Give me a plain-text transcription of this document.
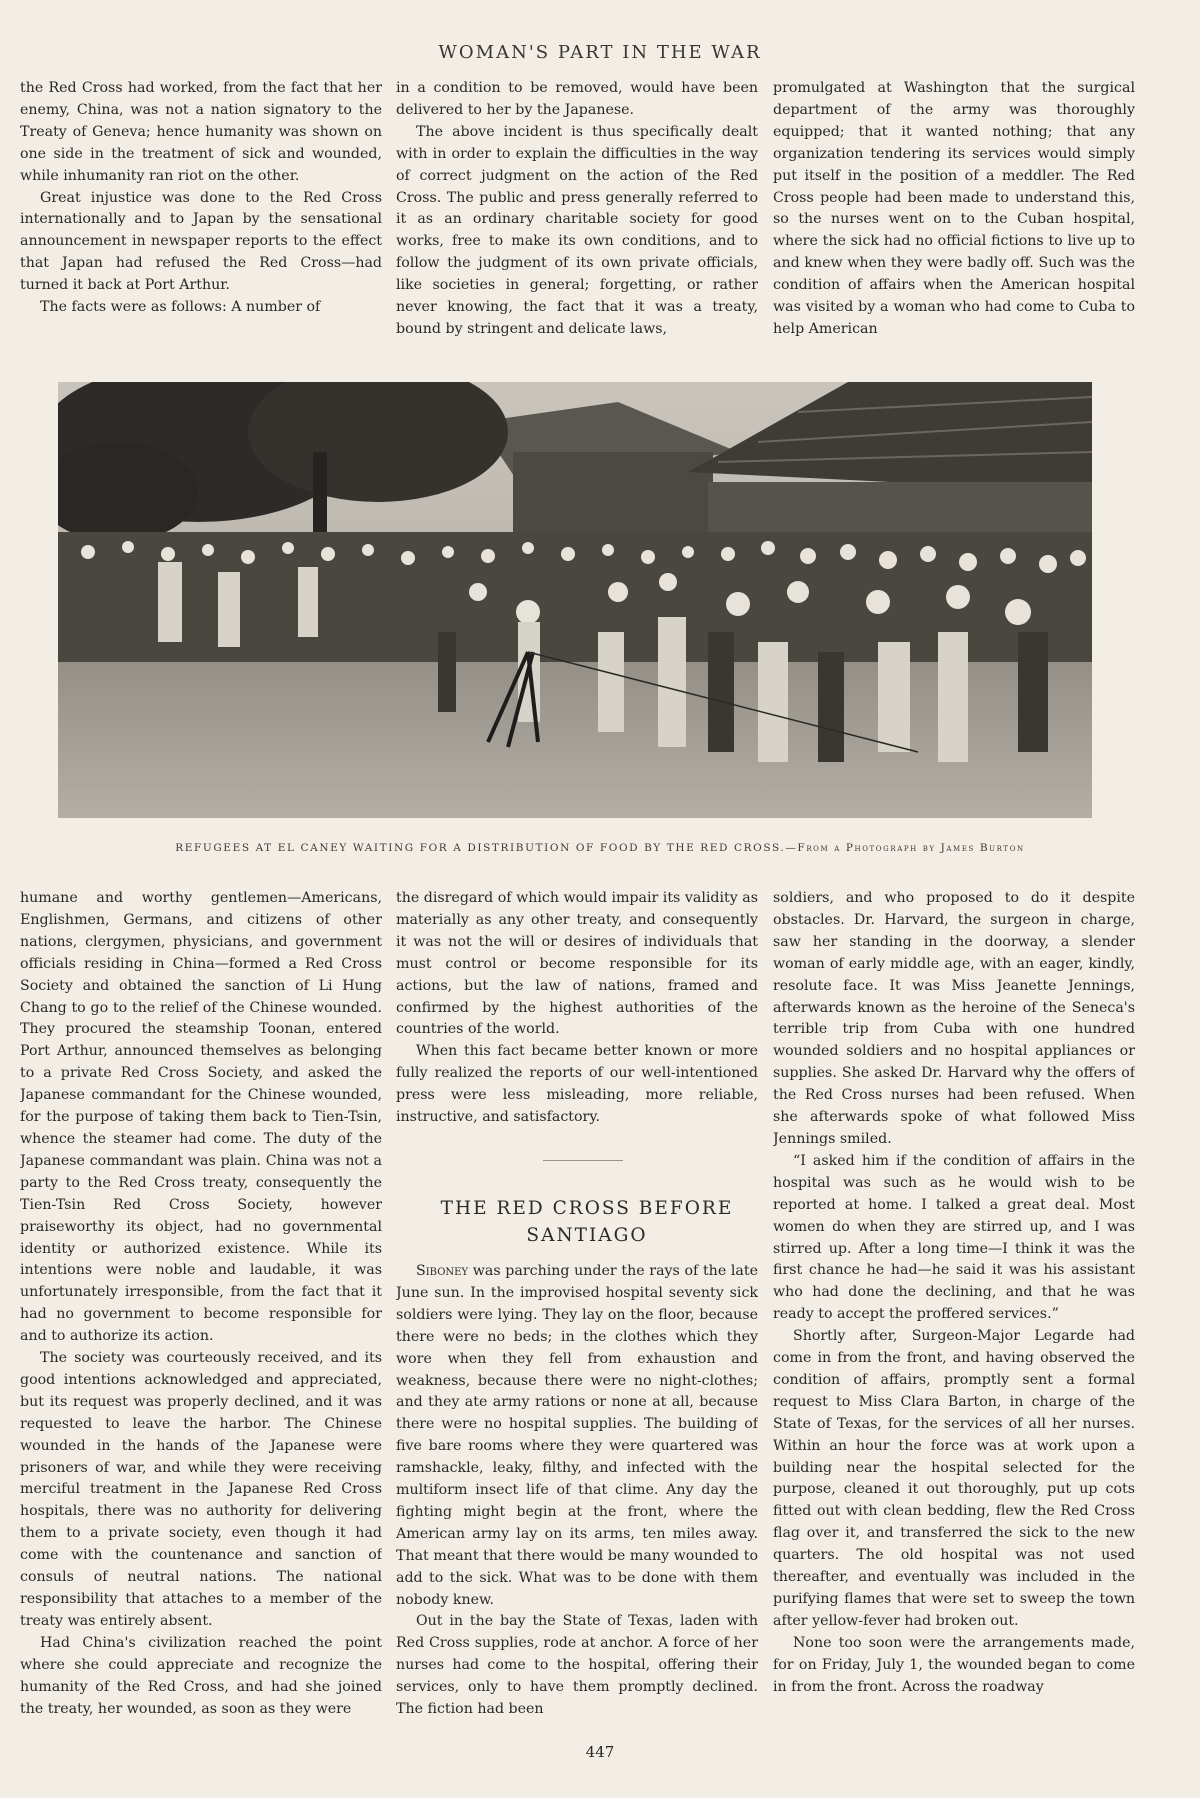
WOMAN'S PART IN THE WAR

the Red Cross had worked, from the fact that her enemy, China, was not a nation signatory to the Treaty of Geneva; hence humanity was shown on one side in the treatment of sick and wounded, while inhumanity ran riot on the other.

Great injustice was done to the Red Cross internationally and to Japan by the sensational announcement in newspaper reports to the effect that Japan had refused the Red Cross—had turned it back at Port Arthur.

The facts were as follows: A number of

in a condition to be removed, would have been delivered to her by the Japanese.

The above incident is thus specifically dealt with in order to explain the difficulties in the way of correct judgment on the action of the Red Cross. The public and press generally referred to it as an ordinary charitable society for good works, free to make its own conditions, and to follow the judgment of its own private officials, like societies in general; forgetting, or rather never knowing, the fact that it was a treaty, bound by stringent and delicate laws,

promulgated at Washington that the surgical department of the army was thoroughly equipped; that it wanted nothing; that any organization tendering its services would simply put itself in the position of a meddler. The Red Cross people had been made to understand this, so the nurses went on to the Cuban hospital, where the sick had no official fictions to live up to and knew when they were badly off. Such was the condition of affairs when the American hospital was visited by a woman who had come to Cuba to help American

REFUGEES AT EL CANEY WAITING FOR A DISTRIBUTION OF FOOD BY THE RED CROSS.—From a Photograph by James Burton

humane and worthy gentlemen—Americans, Englishmen, Germans, and citizens of other nations, clergymen, physicians, and government officials residing in China—formed a Red Cross Society and obtained the sanction of Li Hung Chang to go to the relief of the Chinese wounded. They procured the steamship Toonan, entered Port Arthur, announced themselves as belonging to a private Red Cross Society, and asked the Japanese commandant for the Chinese wounded, for the purpose of taking them back to Tien-Tsin, whence the steamer had come. The duty of the Japanese commandant was plain. China was not a party to the Red Cross treaty, consequently the Tien-Tsin Red Cross Society, however praiseworthy its object, had no governmental identity or authorized existence. While its intentions were noble and laudable, it was unfortunately irresponsible, from the fact that it had no government to become responsible for and to authorize its action.

The society was courteously received, and its good intentions acknowledged and appreciated, but its request was properly declined, and it was requested to leave the harbor. The Chinese wounded in the hands of the Japanese were prisoners of war, and while they were receiving merciful treatment in the Japanese Red Cross hospitals, there was no authority for delivering them to a private society, even though it had come with the countenance and sanction of consuls of neutral nations. The national responsibility that attaches to a member of the treaty was entirely absent.

Had China's civilization reached the point where she could appreciate and recognize the humanity of the Red Cross, and had she joined the treaty, her wounded, as soon as they were

the disregard of which would impair its validity as materially as any other treaty, and consequently it was not the will or desires of individuals that must control or become responsible for its actions, but the law of nations, framed and confirmed by the highest authorities of the countries of the world.

When this fact became better known or more fully realized the reports of our well-intentioned press were less misleading, more reliable, instructive, and satisfactory.

THE RED CROSS BEFORE

SANTIAGO

Siboney was parching under the rays of the late June sun. In the improvised hospital seventy sick soldiers were lying. They lay on the floor, because there were no beds; in the clothes which they wore when they fell from exhaustion and weakness, because there were no night-clothes; and they ate army rations or none at all, because there were no hospital supplies. The building of five bare rooms where they were quartered was ramshackle, leaky, filthy, and infected with the multiform insect life of that clime. Any day the fighting might begin at the front, where the American army lay on its arms, ten miles away. That meant that there would be many wounded to add to the sick. What was to be done with them nobody knew.

Out in the bay the State of Texas, laden with Red Cross supplies, rode at anchor. A force of her nurses had come to the hospital, offering their services, only to have them promptly declined. The fiction had been

soldiers, and who proposed to do it despite obstacles. Dr. Harvard, the surgeon in charge, saw her standing in the doorway, a slender woman of early middle age, with an eager, kindly, resolute face. It was Miss Jeanette Jennings, afterwards known as the heroine of the Seneca's terrible trip from Cuba with one hundred wounded soldiers and no hospital appliances or supplies. She asked Dr. Harvard why the offers of the Red Cross nurses had been refused. When she afterwards spoke of what followed Miss Jennings smiled.

“I asked him if the condition of affairs in the hospital was such as he would wish to be reported at home. I talked a great deal. Most women do when they are stirred up, and I was stirred up. After a long time—I think it was the first chance he had—he said it was his assistant who had done the declining, and that he was ready to accept the proffered services.”

Shortly after, Surgeon-Major Legarde had come in from the front, and having observed the condition of affairs, promptly sent a formal request to Miss Clara Barton, in charge of the State of Texas, for the services of all her nurses. Within an hour the force was at work upon a building near the hospital selected for the purpose, cleaned it out thoroughly, put up cots fitted out with clean bedding, flew the Red Cross flag over it, and transferred the sick to the new quarters. The old hospital was not used thereafter, and eventually was included in the purifying flames that were set to sweep the town after yellow-fever had broken out.

None too soon were the arrangements made, for on Friday, July 1, the wounded began to come in from the front. Across the roadway

447
